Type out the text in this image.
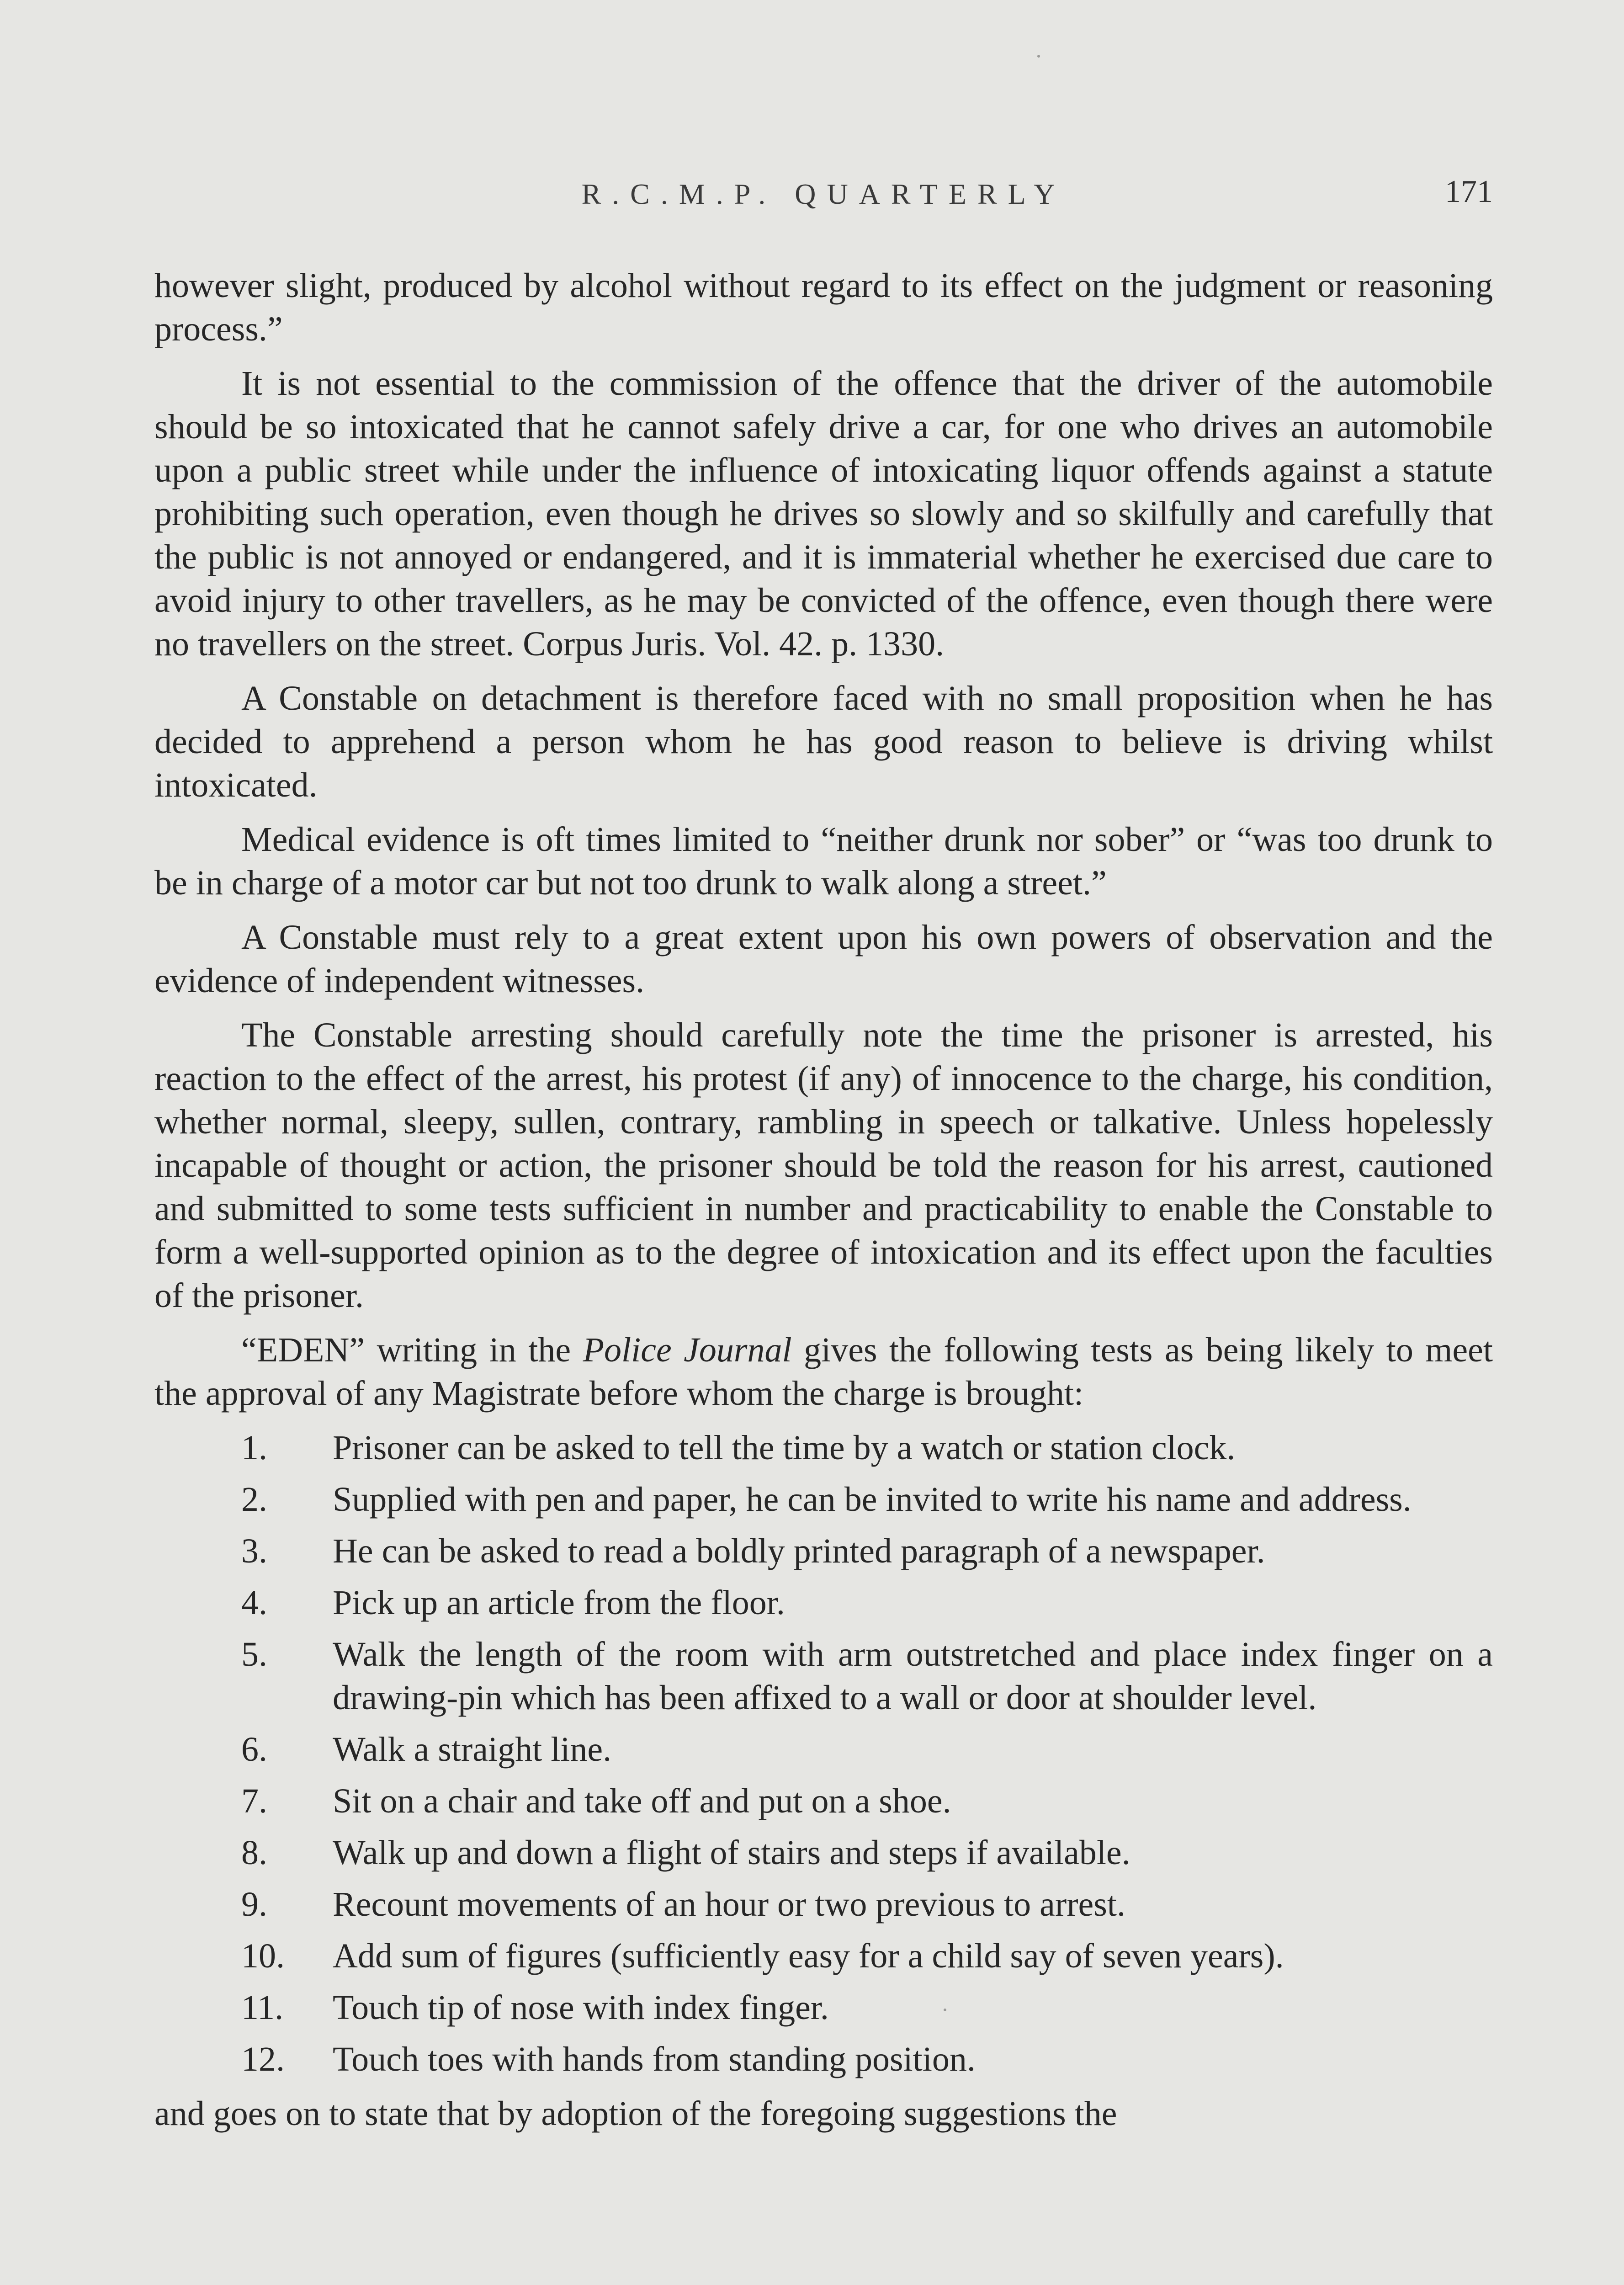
R.C.M.P. QUARTERLY	171

however slight, produced by alcohol without regard to its effect on the judgment or reasoning process.”

It is not essential to the commission of the offence that the driver of the automobile should be so intoxicated that he cannot safely drive a car, for one who drives an automobile upon a public street while under the influence of intoxicating liquor offends against a statute prohibiting such operation, even though he drives so slowly and so skilfully and carefully that the public is not annoyed or endangered, and it is immaterial whether he exercised due care to avoid injury to other travellers, as he may be convicted of the offence, even though there were no travellers on the street. Corpus Juris. Vol. 42. p. 1330.

A Constable on detachment is therefore faced with no small proposition when he has decided to apprehend a person whom he has good reason to believe is driving whilst intoxicated.

Medical evidence is oft times limited to “neither drunk nor sober” or “was too drunk to be in charge of a motor car but not too drunk to walk along a street.”

A Constable must rely to a great extent upon his own powers of observation and the evidence of independent witnesses.

The Constable arresting should carefully note the time the prisoner is arrested, his reaction to the effect of the arrest, his protest (if any) of innocence to the charge, his condition, whether normal, sleepy, sullen, contrary, rambling in speech or talkative. Unless hopelessly incapable of thought or action, the prisoner should be told the reason for his arrest, cautioned and submitted to some tests sufficient in number and practicability to enable the Constable to form a well-supported opinion as to the degree of intoxication and its effect upon the faculties of the prisoner.

“EDEN” writing in the Police Journal gives the following tests as being likely to meet the approval of any Magistrate before whom the charge is brought:

1.	Prisoner can be asked to tell the time by a watch or station clock.
2.	Supplied with pen and paper, he can be invited to write his name and address.
3.	He can be asked to read a boldly printed paragraph of a newspaper.
4.	Pick up an article from the floor.
5.	Walk the length of the room with arm outstretched and place index finger on a drawing-pin which has been affixed to a wall or door at shoulder level.
6.	Walk a straight line.
7.	Sit on a chair and take off and put on a shoe.
8.	Walk up and down a flight of stairs and steps if available.
9.	Recount movements of an hour or two previous to arrest.
10.	Add sum of figures (sufficiently easy for a child say of seven years).
11.	Touch tip of nose with index finger.
12.	Touch toes with hands from standing position.

and goes on to state that by adoption of the foregoing suggestions the
